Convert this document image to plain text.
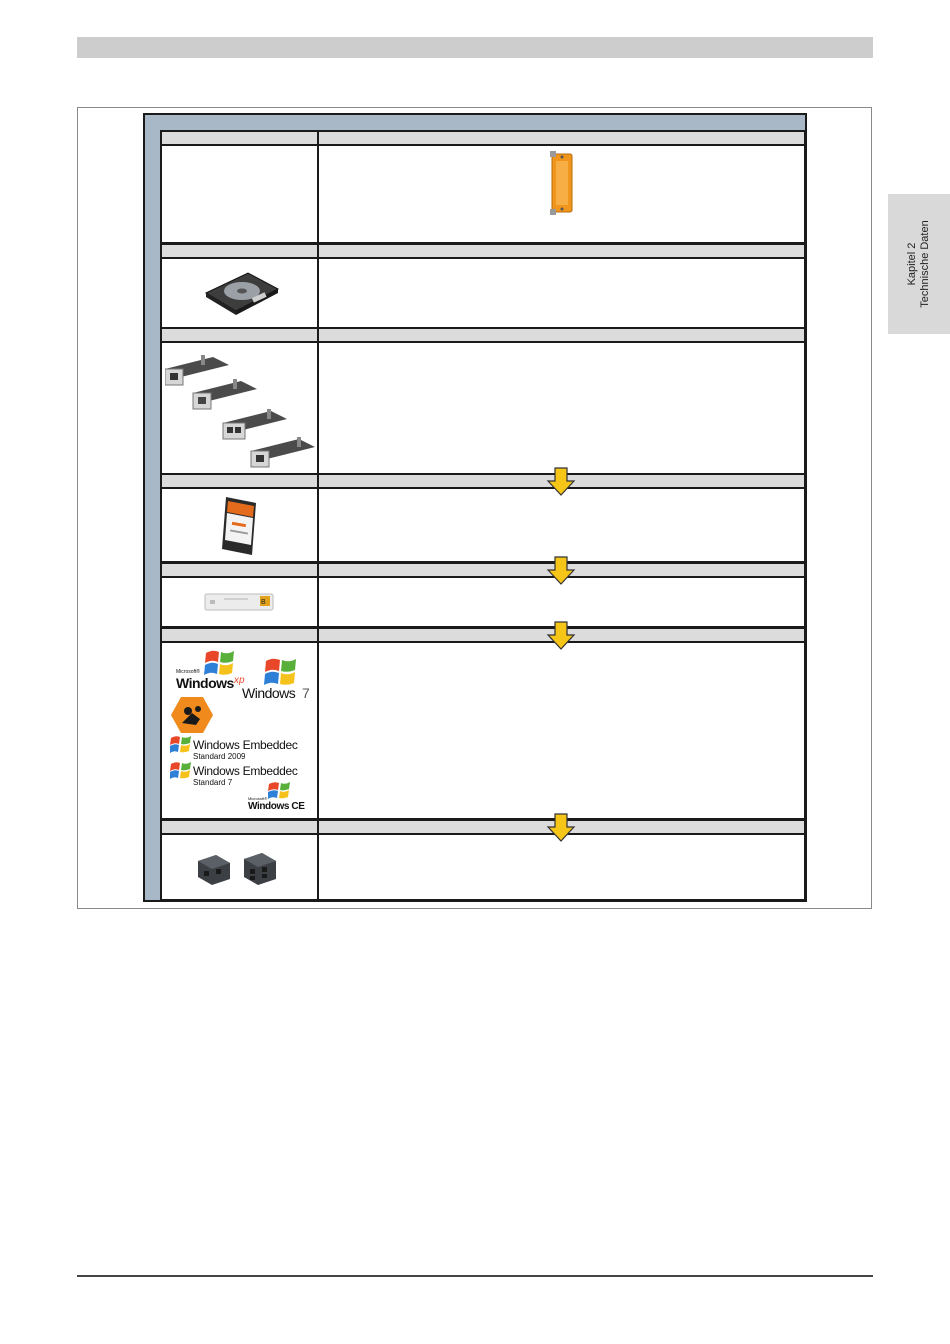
Kapitel 2 Technische Daten
B
Microsoft®
Windows xp
Windows 7
Windows Embeddec
Standard 2009
Windows Embeddec
Standard 7
Microsoft®
Windows CE
